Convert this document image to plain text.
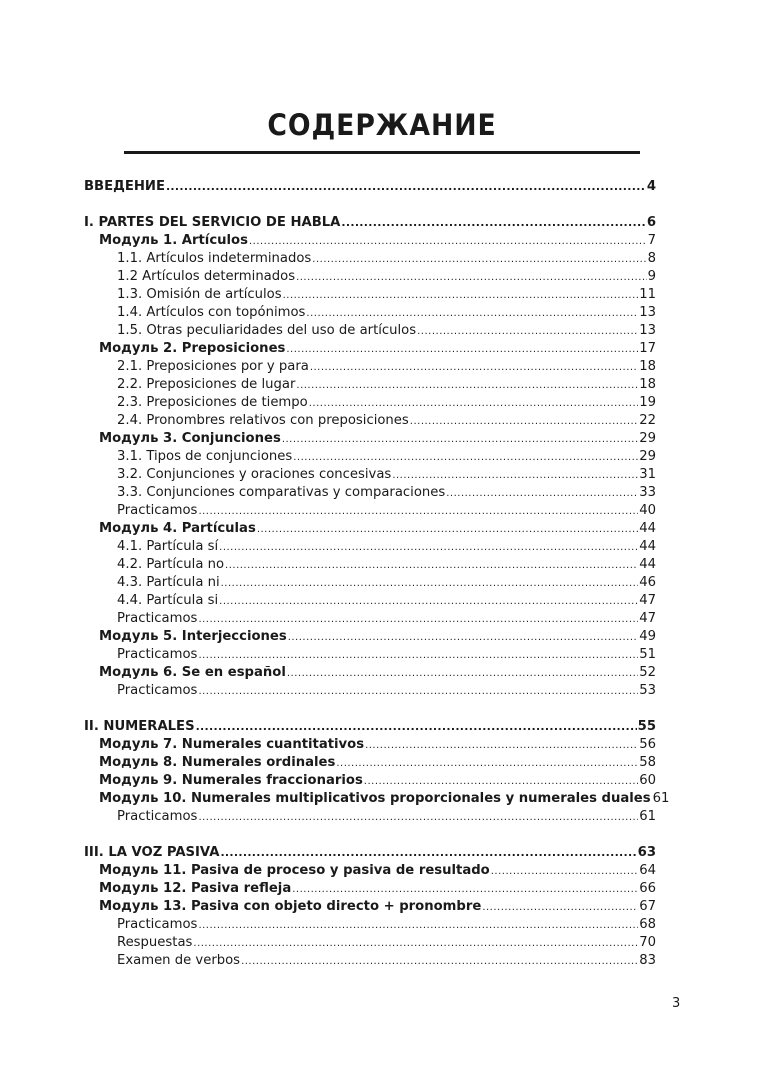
СОДЕРЖАНИЕ
ВВЕДЕНИЕ .....	4
I. PARTES DEL SERVICIO DE HABLA .....	6
Модуль 1. Artículos .....	7
1.1. Artículos indeterminados .....	8
1.2 Artículos determinados .....	9
1.3. Omisión de artículos .....	11
1.4. Artículos con topónimos .....	13
1.5. Otras peculiaridades del uso de artículos .....	13
Модуль 2. Preposiciones .....	17
2.1. Preposiciones por y para .....	18
2.2. Preposiciones de lugar .....	18
2.3. Preposiciones de tiempo .....	19
2.4. Pronombres relativos con preposiciones .....	22
Модуль 3. Conjunciones .....	29
3.1. Tipos de conjunciones .....	29
3.2. Conjunciones y oraciones concesivas .....	31
3.3. Conjunciones comparativas y comparaciones .....	33
Practicamos .....	40
Модуль 4. Partículas .....	44
4.1. Partícula sí .....	44
4.2. Partícula no .....	44
4.3. Partícula ni .....	46
4.4. Partícula si .....	47
Practicamos .....	47
Модуль 5. Interjecciones .....	49
Practicamos .....	51
Модуль 6. Se en español .....	52
Practicamos .....	53
II. NUMERALES .....	55
Модуль 7. Numerales cuantitativos .....	56
Модуль 8. Numerales ordinales .....	58
Модуль 9. Numerales fraccionarios .....	60
Модуль 10. Numerales multiplicativos proporcionales y numerales duales 61
Practicamos .....	61
III. LA VOZ PASIVA .....	63
Модуль 11. Pasiva de proceso y pasiva de resultado .....	64
Модуль 12. Pasiva refleja .....	66
Модуль 13. Pasiva con objeto directo + pronombre .....	67
Practicamos .....	68
Respuestas .....	70
Examen de verbos .....	83
3
